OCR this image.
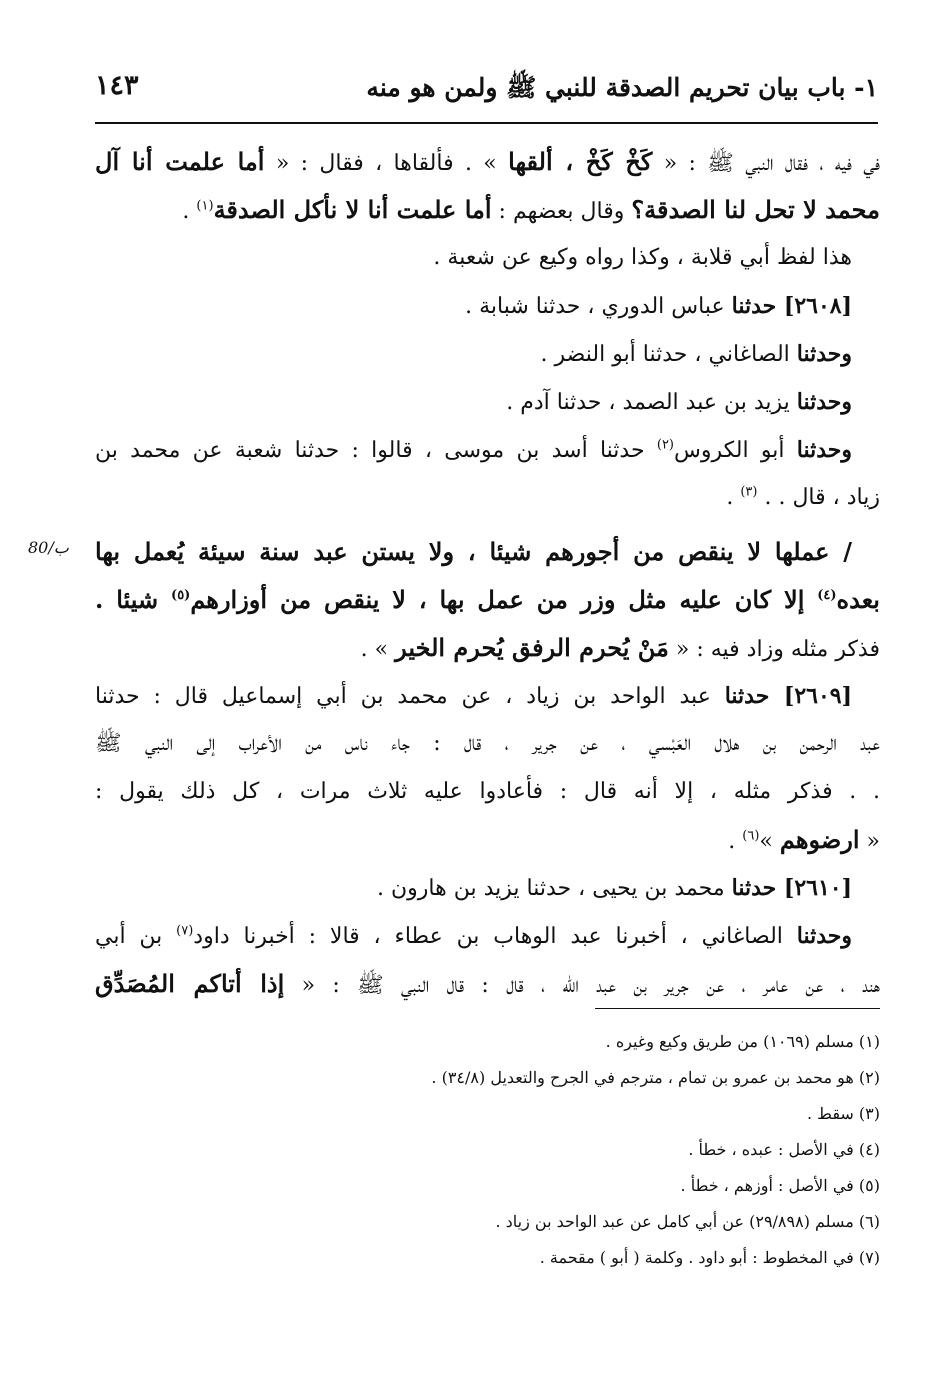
١- باب بيان تحريم الصدقة للنبي ﷺ ولمن هو منه
١٤٣
80/ب
في فيه ، فقال النبي ﷺ : « كَخْ كَخْ ، ألقها » . فألقاها ، فقال : « أما علمت أنا آل
محمد لا تحل لنا الصدقة؟ وقال بعضهم : أما علمت أنا لا نأكل الصدقة$^{(١)}$ .
هذا لفظ أبي قلابة ، وكذا رواه وكيع عن شعبة .
[٢٦٠٨] حدثنا عباس الدوري ، حدثنا شبابة .
وحدثنا الصاغاني ، حدثنا أبو النضر .
وحدثنا يزيد بن عبد الصمد ، حدثنا آدم .
وحدثنا أبو الكروس$^{(٢)}$ حدثنا أسد بن موسى ، قالوا : حدثنا شعبة عن محمد بن
زياد ، قال . . $^{(٣)}$ .
/ عملها لا ينقص من أجورهم شيئا ، ولا يستن عبد سنة سيئة يُعمل بها
بعده$^{(٤)}$ إلا كان عليه مثل وزر من عمل بها ، لا ينقص من أوزارهم$^{(٥)}$ شيئا .
فذكر مثله وزاد فيه : « مَنْ يُحرم الرفق يُحرم الخير » .
[٢٦٠٩] حدثنا عبد الواحد بن زياد ، عن محمد بن أبي إسماعيل قال : حدثنا
عبد الرحمن بن هلال العَبْسي ، عن جرير ، قال : جاء ناس من الأعراب إلى النبي ﷺ
. . فذكر مثله ، إلا أنه قال : فأعادوا عليه ثلاث مرات ، كل ذلك يقول :
« ارضوهم »$^{(٦)}$ .
[٢٦١٠] حدثنا محمد بن يحيى ، حدثنا يزيد بن هارون .
وحدثنا الصاغاني ، أخبرنا عبد الوهاب بن عطاء ، قالا : أخبرنا داود$^{(٧)}$ بن أبي
هند ، عن عامر ، عن جرير بن عبد الله ، قال : قال النبي ﷺ : « إذا أتاكم المُصَدِّق
(١) مسلم (١٠٦٩) من طريق وكيع وغيره .
(٢) هو محمد بن عمرو بن تمام ، مترجم في الجرح والتعديل (٣٤/٨) .
(٣) سقط .
(٤) في الأصل : عبده ، خطأ .
(٥) في الأصل : أوزهم ، خطأ .
(٦) مسلم (٢٩/٨٩٨) عن أبي كامل عن عبد الواحد بن زياد .
(٧) في المخطوط : أبو داود . وكلمة ( أبو ) مقحمة .
